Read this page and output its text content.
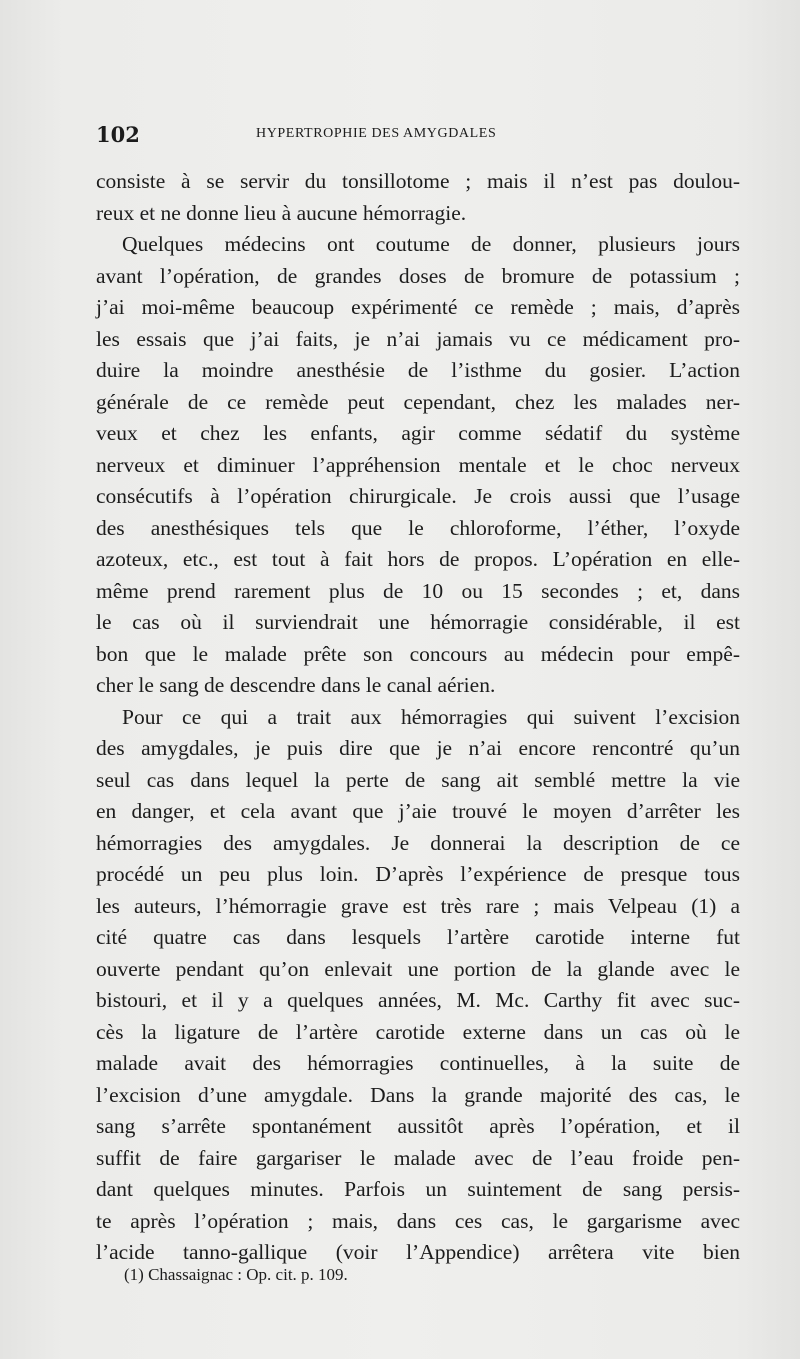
102	HYPERTROPHIE DES AMYGDALES
consiste à se servir du tonsillotome ; mais il n’est pas doulou-
reux et ne donne lieu à aucune hémorragie.
Quelques médecins ont coutume de donner, plusieurs jours
avant l’opération, de grandes doses de bromure de potassium ;
j’ai moi-même beaucoup expérimenté ce remède ; mais, d’après
les essais que j’ai faits, je n’ai jamais vu ce médicament pro-
duire la moindre anesthésie de l’isthme du gosier. L’action
générale de ce remède peut cependant, chez les malades ner-
veux et chez les enfants, agir comme sédatif du système
nerveux et diminuer l’appréhension mentale et le choc nerveux
consécutifs à l’opération chirurgicale. Je crois aussi que l’usage
des anesthésiques tels que le chloroforme, l’éther, l’oxyde
azoteux, etc., est tout à fait hors de propos. L’opération en elle-
même prend rarement plus de 10 ou 15 secondes ; et, dans
le cas où il surviendrait une hémorragie considérable, il est
bon que le malade prête son concours au médecin pour empê-
cher le sang de descendre dans le canal aérien.
Pour ce qui a trait aux hémorragies qui suivent l’excision
des amygdales, je puis dire que je n’ai encore rencontré qu’un
seul cas dans lequel la perte de sang ait semblé mettre la vie
en danger, et cela avant que j’aie trouvé le moyen d’arrêter les
hémorragies des amygdales. Je donnerai la description de ce
procédé un peu plus loin. D’après l’expérience de presque tous
les auteurs, l’hémorragie grave est très rare ; mais Velpeau (1) a
cité quatre cas dans lesquels l’artère carotide interne fut
ouverte pendant qu’on enlevait une portion de la glande avec le
bistouri, et il y a quelques années, M. Mc. Carthy fit avec suc-
cès la ligature de l’artère carotide externe dans un cas où le
malade avait des hémorragies continuelles, à la suite de
l’excision d’une amygdale. Dans la grande majorité des cas, le
sang s’arrête spontanément aussitôt après l’opération, et il
suffit de faire gargariser le malade avec de l’eau froide pen-
dant quelques minutes. Parfois un suintement de sang persis-
te après l’opération ; mais, dans ces cas, le gargarisme avec
l’acide tanno-gallique (voir l’Appendice) arrêtera vite bien
(1) Chassaignac : Op. cit. p. 109.
